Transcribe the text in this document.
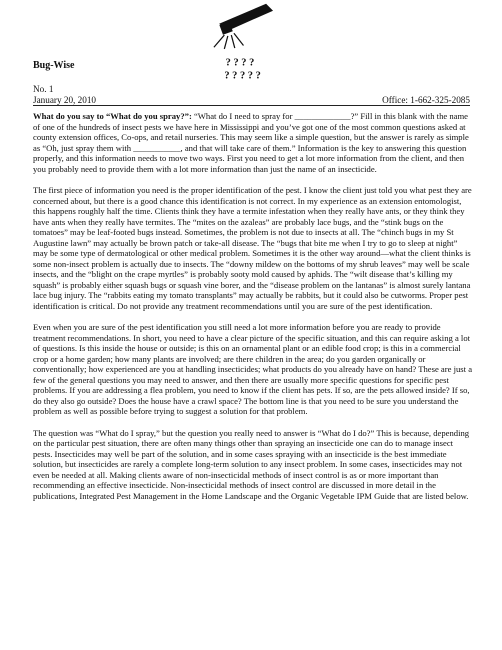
? ? ? ?
? ? ? ? ?
Bug-Wise
No. 1
January 20, 2010	Office: 1-662-325-2085

What do you say to “What do you spray?”: “What do I need to spray for _____________?” Fill in this blank with the name of one of the hundreds of insect pests we have here in Mississippi and you’ve got one of the most common questions asked at county extension offices, Co-ops, and retail nurseries. This may seem like a simple question, but the answer is rarely as simple as “Oh, just spray them with ___________, and that will take care of them.” Information is the key to answering this question properly, and this information needs to move two ways. First you need to get a lot more information from the client, and then you probably need to provide them with a lot more information than just the name of an insecticide.

The first piece of information you need is the proper identification of the pest. I know the client just told you what pest they are concerned about, but there is a good chance this identification is not correct. In my experience as an extension entomologist, this happens roughly half the time. Clients think they have a termite infestation when they really have ants, or they think they have ants when they really have termites. The “mites on the azaleas” are probably lace bugs, and the “stink bugs on the tomatoes” may be leaf-footed bugs instead. Sometimes, the problem is not due to insects at all. The “chinch bugs in my St Augustine lawn” may actually be brown patch or take-all disease. The “bugs that bite me when I try to go to sleep at night” may be some type of dermatological or other medical problem. Sometimes it is the other way around—what the client thinks is some non-insect problem is actually due to insects. The “downy mildew on the bottoms of my shrub leaves” may well be scale insects, and the “blight on the crape myrtles” is probably sooty mold caused by aphids. The “wilt disease that’s killing my squash” is probably either squash bugs or squash vine borer, and the “disease problem on the lantanas” is almost surely lantana lace bug injury. The “rabbits eating my tomato transplants” may actually be rabbits, but it could also be cutworms. Proper pest identification is critical. Do not provide any treatment recommendations until you are sure of the pest identification.

Even when you are sure of the pest identification you still need a lot more information before you are ready to provide treatment recommendations. In short, you need to have a clear picture of the specific situation, and this can require asking a lot of questions. Is this inside the house or outside; is this on an ornamental plant or an edible food crop; is this in a commercial crop or a home garden; how many plants are involved; are there children in the area; do you garden organically or conventionally; how experienced are you at handling insecticides; what products do you already have on hand? These are just a few of the general questions you may need to answer, and then there are usually more specific questions for specific pest problems. If you are addressing a flea problem, you need to know if the client has pets. If so, are the pets allowed inside? If so, do they also go outside? Does the house have a crawl space? The bottom line is that you need to be sure you understand the problem as well as possible before trying to suggest a solution for that problem.

The question was “What do I spray,” but the question you really need to answer is “What do I do?” This is because, depending on the particular pest situation, there are often many things other than spraying an insecticide one can do to manage insect pests. Insecticides may well be part of the solution, and in some cases spraying with an insecticide is the best immediate solution, but insecticides are rarely a complete long-term solution to any insect problem. In some cases, insecticides may not even be needed at all. Making clients aware of non-insecticidal methods of insect control is as or more important than recommending an effective insecticide. Non-insecticidal methods of insect control are discussed in more detail in the publications, Integrated Pest Management in the Home Landscape and the Organic Vegetable IPM Guide that are listed below.
